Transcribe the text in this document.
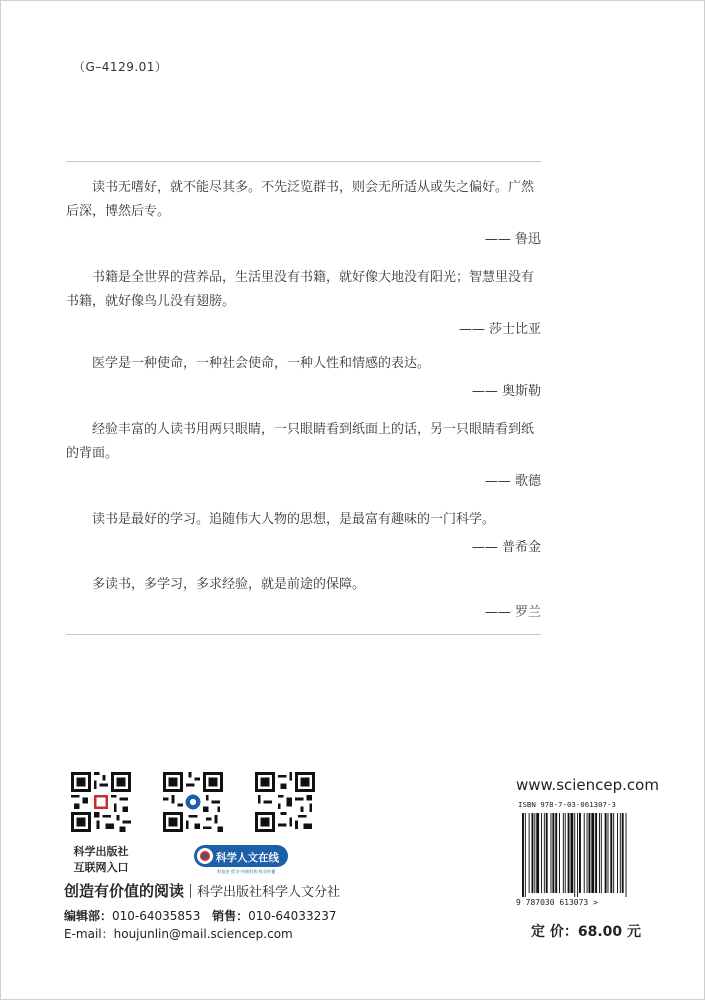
（G–4129.01）

读书无嗜好，就不能尽其多。不先泛览群书，则会无所适从或失之偏好。广然后深，博然后专。

—— 鲁迅

书籍是全世界的营养品，生活里没有书籍，就好像大地没有阳光；智慧里没有书籍，就好像鸟儿没有翅膀。

—— 莎士比亚

医学是一种使命，一种社会使命，一种人性和情感的表达。

—— 奥斯勒

经验丰富的人读书用两只眼睛，一只眼睛看到纸面上的话，另一只眼睛看到纸的背面。

—— 歌德

读书是最好的学习。追随伟大人物的思想，是最富有趣味的一门科学。

—— 普希金

多读书，多学习，多求经验，就是前途的保障。

—— 罗兰
科学出版社
互联网入口
科学人文在线
科技史·哲学·经典科普·科学传播
创造有价值的阅读 科学出版社科学人文分社
编辑部：010-64035853 销售：010-64033237
E-mail：houjunlin@mail.sciencep.com
www.sciencep.com
ISBN 978-7-03-061307-3
9 787030 613073 >
定 价：68.00 元
